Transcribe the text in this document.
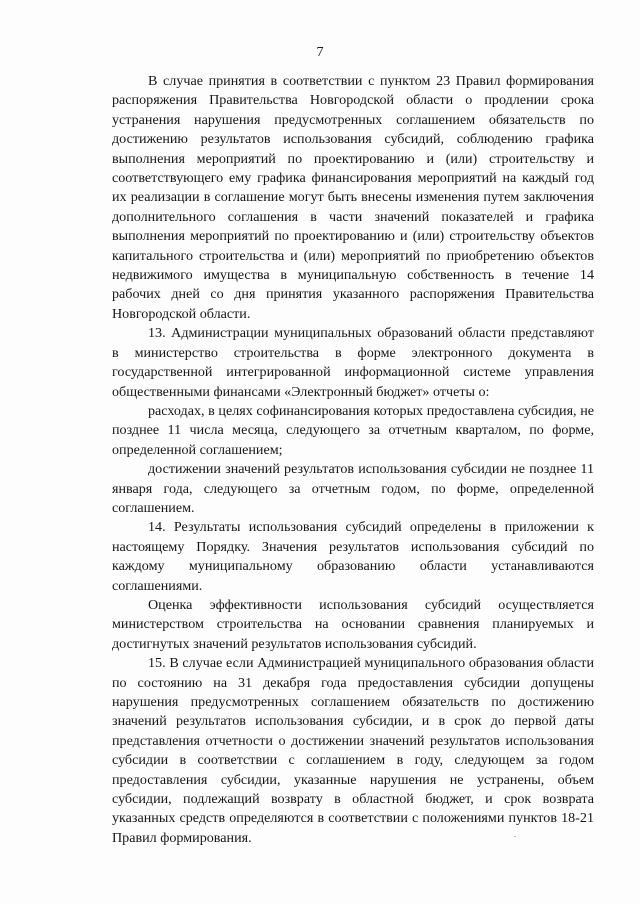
7

В случае принятия в соответствии с пунктом 23 Правил формирования распоряжения Правительства Новгородской области о продлении срока устранения нарушения предусмотренных соглашением обязательств по достижению результатов использования субсидий, соблюдению графика выполнения мероприятий по проектированию и (или) строительству и соответствующего ему графика финансирования мероприятий на каждый год их реализации в соглашение могут быть внесены изменения путем заключения дополнительного соглашения в части значений показателей и графика выполнения мероприятий по проектированию и (или) строительству объектов капитального строительства и (или) мероприятий по приобретению объектов недвижимого имущества в муниципальную собственность в течение 14 рабочих дней со дня принятия указанного распоряжения Правительства Новгородской области.

13. Администрации муниципальных образований области представляют в министерство строительства в форме электронного документа в государственной интегрированной информационной системе управления общественными финансами «Электронный бюджет» отчеты о:

расходах, в целях софинансирования которых предоставлена субсидия, не позднее 11 числа месяца, следующего за отчетным кварталом, по форме, определенной соглашением;

достижении значений результатов использования субсидии не позднее 11 января года, следующего за отчетным годом, по форме, определенной соглашением.

14. Результаты использования субсидий определены в приложении к настоящему Порядку. Значения результатов использования субсидий по каждому муниципальному образованию области устанавливаются соглашениями.

Оценка эффективности использования субсидий осуществляется министерством строительства на основании сравнения планируемых и достигнутых значений результатов использования субсидий.

15. В случае если Администрацией муниципального образования области по состоянию на 31 декабря года предоставления субсидии допущены нарушения предусмотренных соглашением обязательств по достижению значений результатов использования субсидии, и в срок до первой даты представления отчетности о достижении значений результатов использования субсидии в соответствии с соглашением в году, следующем за годом предоставления субсидии, указанные нарушения не устранены, объем субсидии, подлежащий возврату в областной бюджет, и срок возврата указанных средств определяются в соответствии с положениями пунктов 18-21 Правил формирования.
